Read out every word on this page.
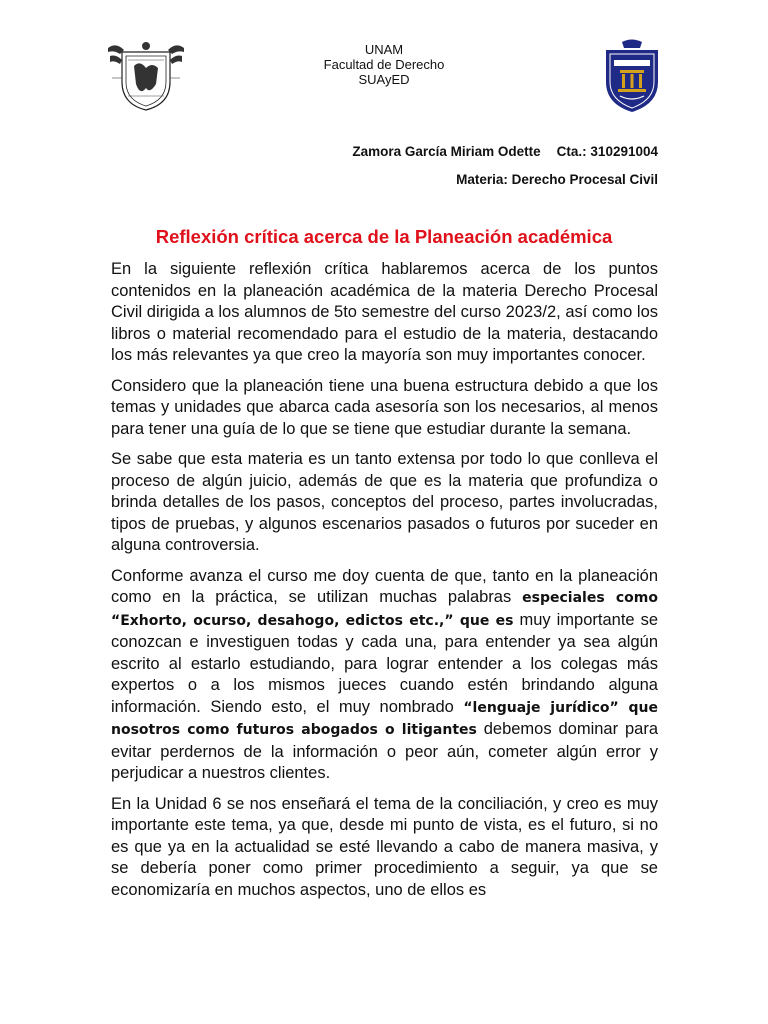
UNAM
Facultad de Derecho
SUAyED
Zamora García Miriam Odette Cta.: 310291004
Materia: Derecho Procesal Civil
Reflexión crítica acerca de la Planeación académica

En la siguiente reflexión crítica hablaremos acerca de los puntos contenidos en la planeación académica de la materia Derecho Procesal Civil dirigida a los alumnos de 5to semestre del curso 2023/2, así como los libros o material recomendado para el estudio de la materia, destacando los más relevantes ya que creo la mayoría son muy importantes conocer.

Considero que la planeación tiene una buena estructura debido a que los temas y unidades que abarca cada asesoría son los necesarios, al menos para tener una guía de lo que se tiene que estudiar durante la semana.

Se sabe que esta materia es un tanto extensa por todo lo que conlleva el proceso de algún juicio, además de que es la materia que profundiza o brinda detalles de los pasos, conceptos del proceso, partes involucradas, tipos de pruebas, y algunos escenarios pasados o futuros por suceder en alguna controversia.

Conforme avanza el curso me doy cuenta de que, tanto en la planeación como en la práctica, se utilizan muchas palabras especiales como “Exhorto, ocurso, desahogo, edictos etc.,” que es muy importante se conozcan e investiguen todas y cada una, para entender ya sea algún escrito al estarlo estudiando, para lograr entender a los colegas más expertos o a los mismos jueces cuando estén brindando alguna información. Siendo esto, el muy nombrado “lenguaje jurídico” que nosotros como futuros abogados o litigantes debemos dominar para evitar perdernos de la información o peor aún, cometer algún error y perjudicar a nuestros clientes.

En la Unidad 6 se nos enseñará el tema de la conciliación, y creo es muy importante este tema, ya que, desde mi punto de vista, es el futuro, si no es que ya en la actualidad se esté llevando a cabo de manera masiva, y se debería poner como primer procedimiento a seguir, ya que se economizaría en muchos aspectos, uno de ellos es
